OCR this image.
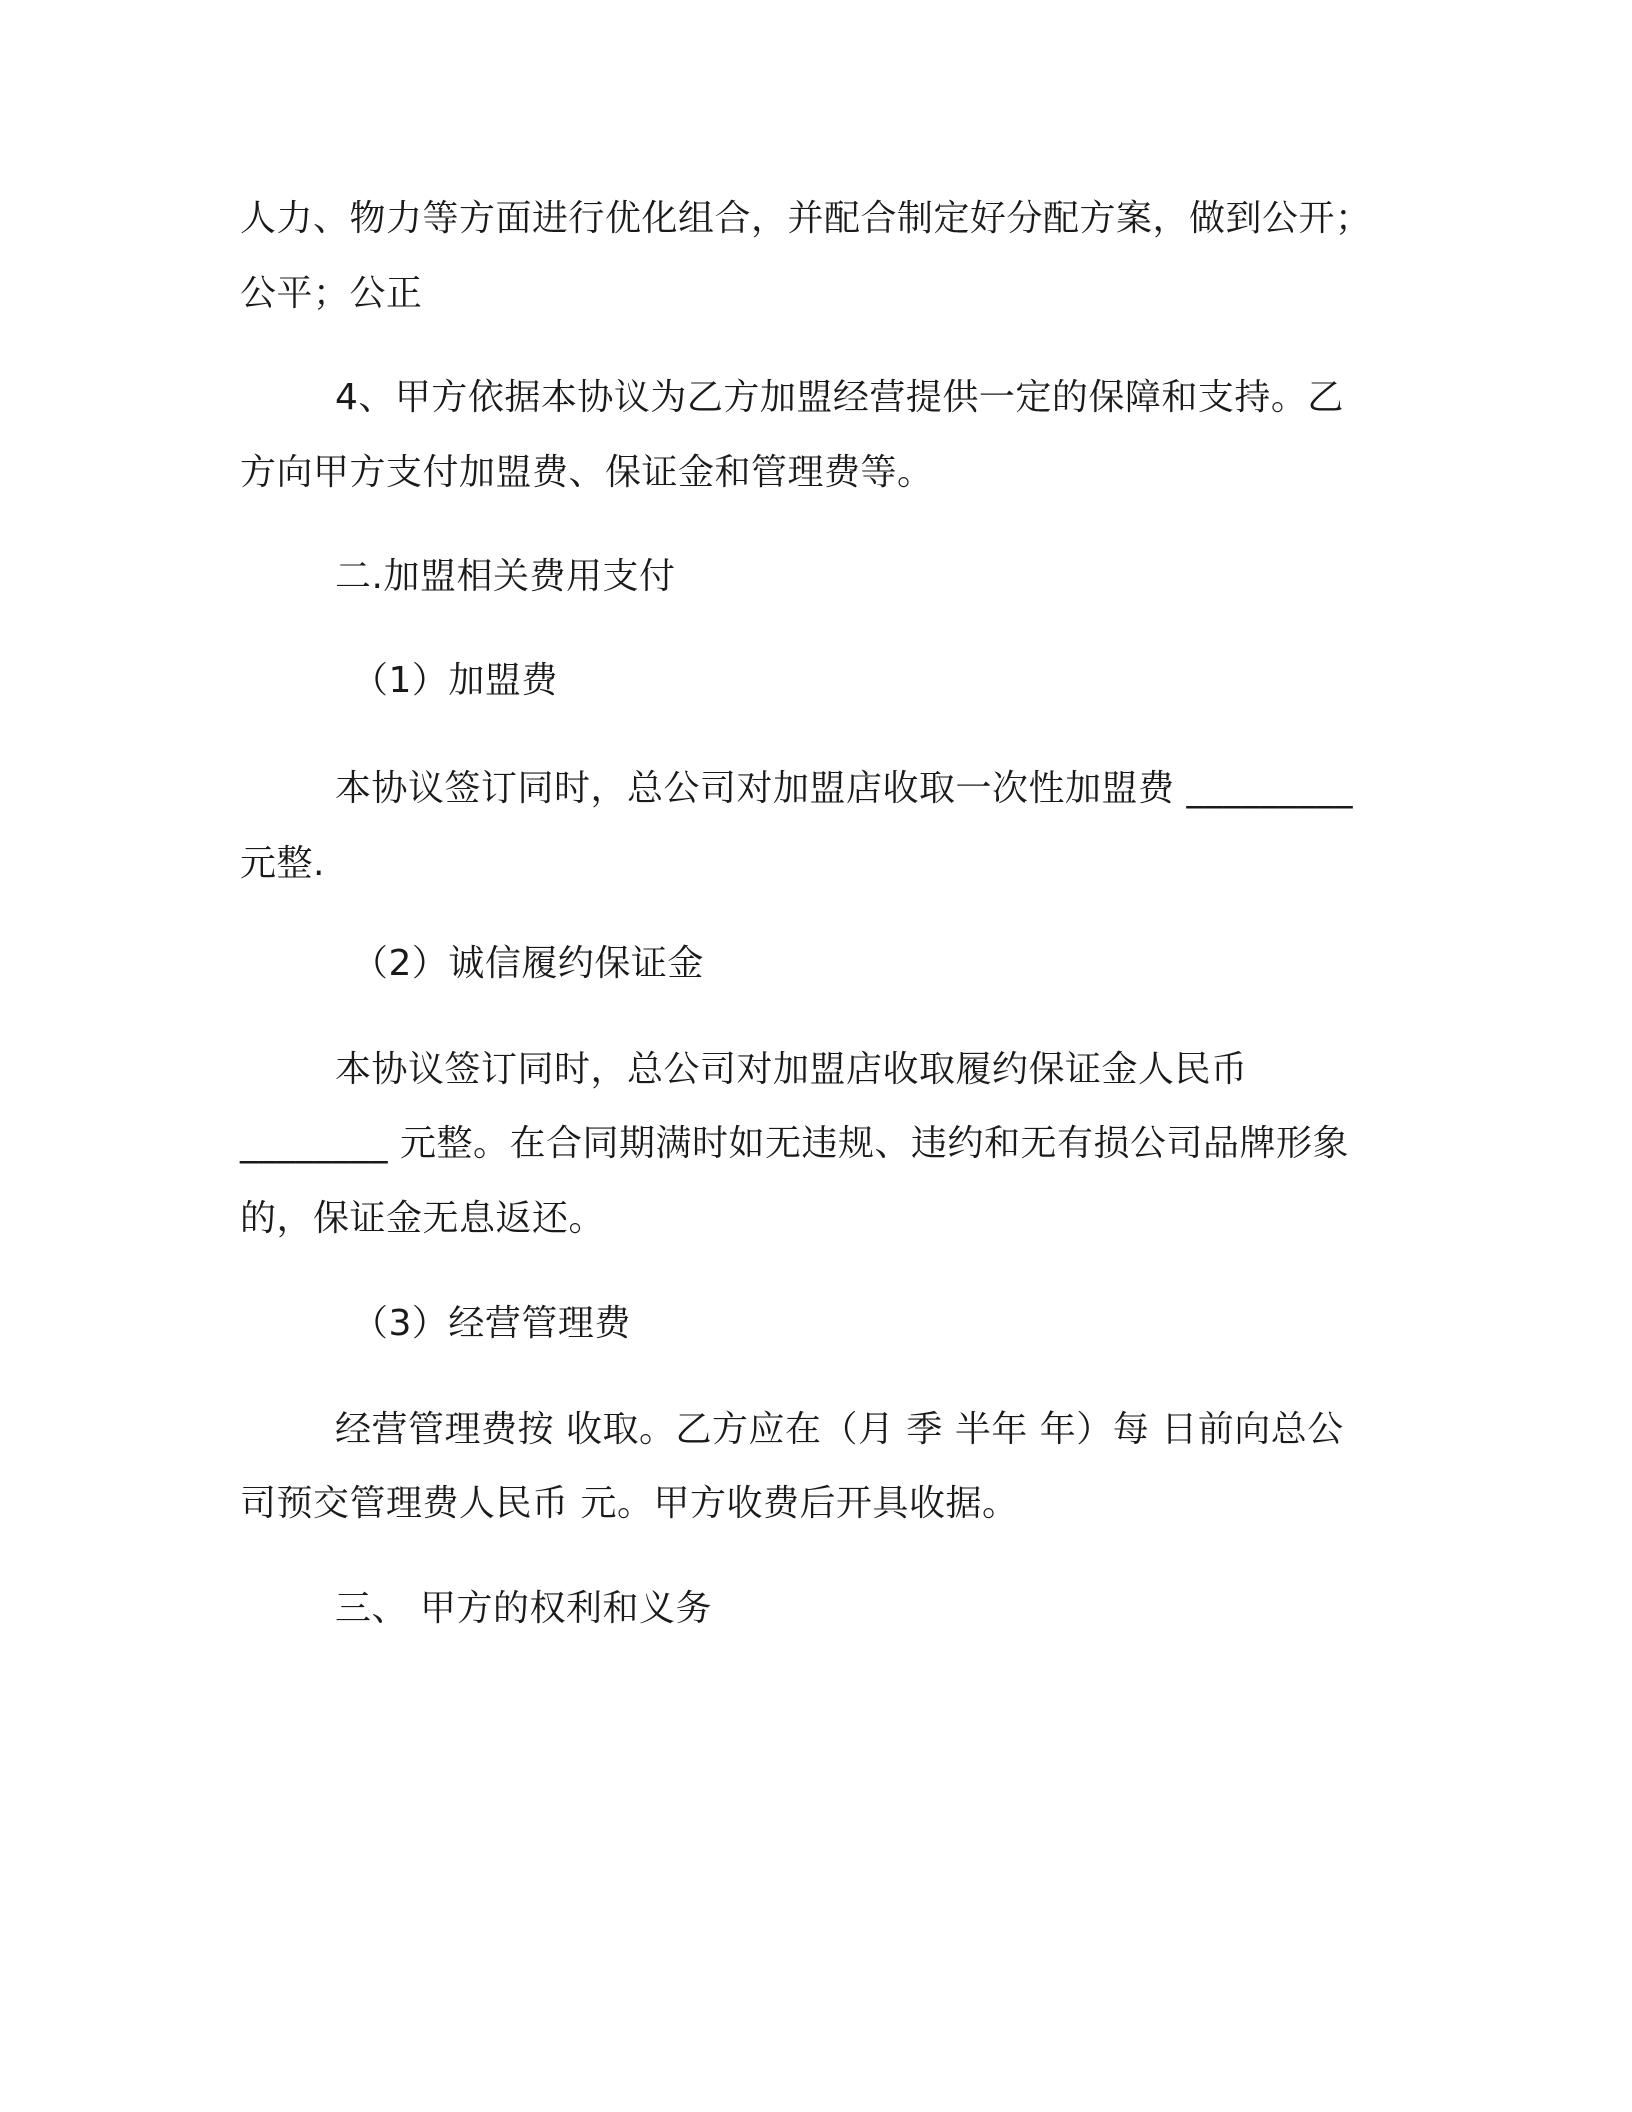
人力、物力等方面进行优化组合，并配合制定好分配方案，做到公开；
公平；公正
4、甲方依据本协议为乙方加盟经营提供一定的保障和支持。乙
方向甲方支付加盟费、保证金和管理费等。
二.加盟相关费用支付
（1）加盟费
本协议签订同时，总公司对加盟店收取一次性加盟费 _________
元整.
（2）诚信履约保证金
本协议签订同时，总公司对加盟店收取履约保证金人民币
________ 元整。在合同期满时如无违规、违约和无有损公司品牌形象
的，保证金无息返还。
（3）经营管理费
经营管理费按 收取。乙方应在（月 季 半年 年）每 日前向总公
司预交管理费人民币 元。甲方收费后开具收据。
三、 甲方的权利和义务
